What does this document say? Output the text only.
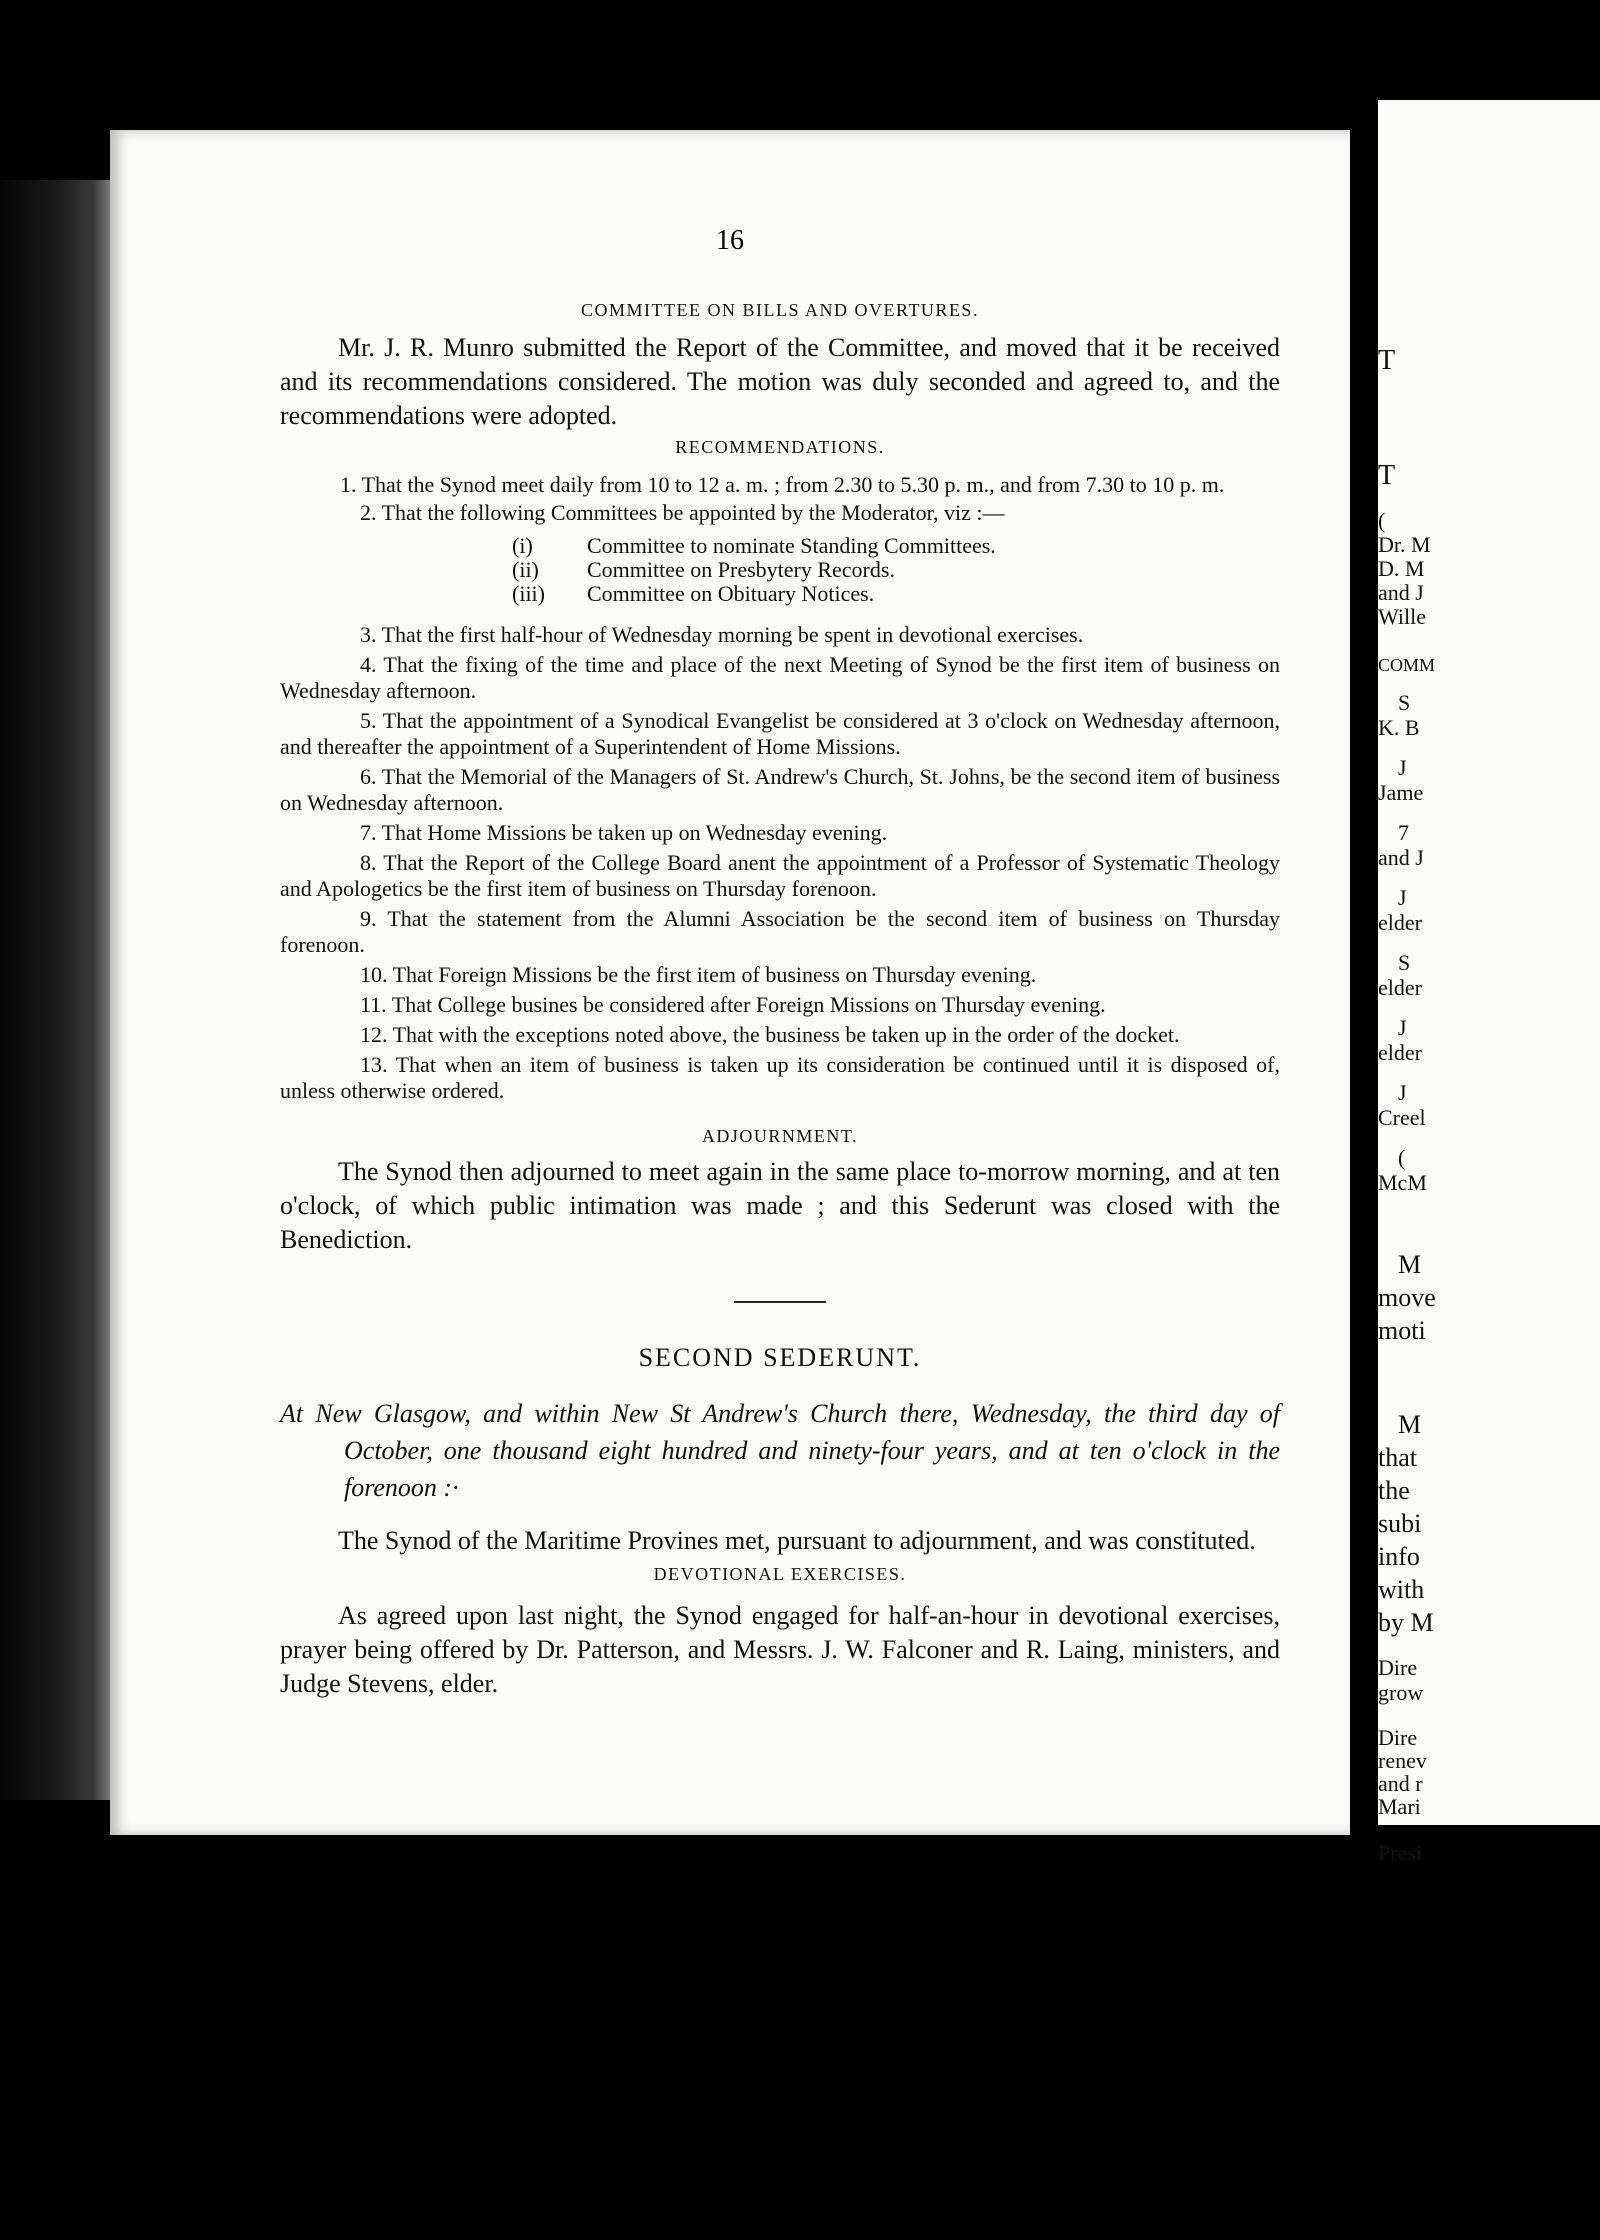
16
COMMITTEE ON BILLS AND OVERTURES.
Mr. J. R. Munro submitted the Report of the Committee, and moved that it be received and its recommendations considered. The motion was duly seconded and agreed to, and the recommendations were adopted.
RECOMMENDATIONS.
1. That the Synod meet daily from 10 to 12 a. m. ; from 2.30 to 5.30 p. m., and from 7.30 to 10 p. m.
2. That the following Committees be appointed by the Moderator, viz :—
(i) Committee to nominate Standing Committees.
(ii) Committee on Presbytery Records.
(iii) Committee on Obituary Notices.
3. That the first half-hour of Wednesday morning be spent in devotional exercises.
4. That the fixing of the time and place of the next Meeting of Synod be the first item of business on Wednesday afternoon.
5. That the appointment of a Synodical Evangelist be considered at 3 o'clock on Wednesday afternoon, and thereafter the appointment of a Superintendent of Home Missions.
6. That the Memorial of the Managers of St. Andrew's Church, St. Johns, be the second item of business on Wednesday afternoon.
7. That Home Missions be taken up on Wednesday evening.
8. That the Report of the College Board anent the appointment of a Professor of Systematic Theology and Apologetics be the first item of business on Thursday forenoon.
9. That the statement from the Alumni Association be the second item of business on Thursday forenoon.
10. That Foreign Missions be the first item of business on Thursday evening.
11. That College busines be considered after Foreign Missions on Thursday evening.
12. That with the exceptions noted above, the business be taken up in the order of the docket.
13. That when an item of business is taken up its consideration be continued until it is disposed of, unless otherwise ordered.
ADJOURNMENT.
The Synod then adjourned to meet again in the same place to-morrow morning, and at ten o'clock, of which public intimation was made ; and this Sederunt was closed with the Benediction.
SECOND SEDERUNT.
At New Glasgow, and within New St Andrew's Church there, Wednesday, the third day of October, one thousand eight hundred and ninety-four years, and at ten o'clock in the forenoon :·
The Synod of the Maritime Provines met, pursuant to adjournment, and was constituted.
DEVOTIONAL EXERCISES.
As agreed upon last night, the Synod engaged for half-an-hour in devotional exercises, prayer being offered by Dr. Patterson, and Messrs. J. W. Falconer and R. Laing, ministers, and Judge Stevens, elder.
T
T
(
Dr. M
D. M
and J
Wille
COMM
S
K. B
J
Jame
7
and J
J
elder
S
elder
J
elder
J
Creel
(
McM
M
move
moti
M
that
the
subi
info
with
by M
Dire
grow
Dire
renev
and r
Mari
Presi
